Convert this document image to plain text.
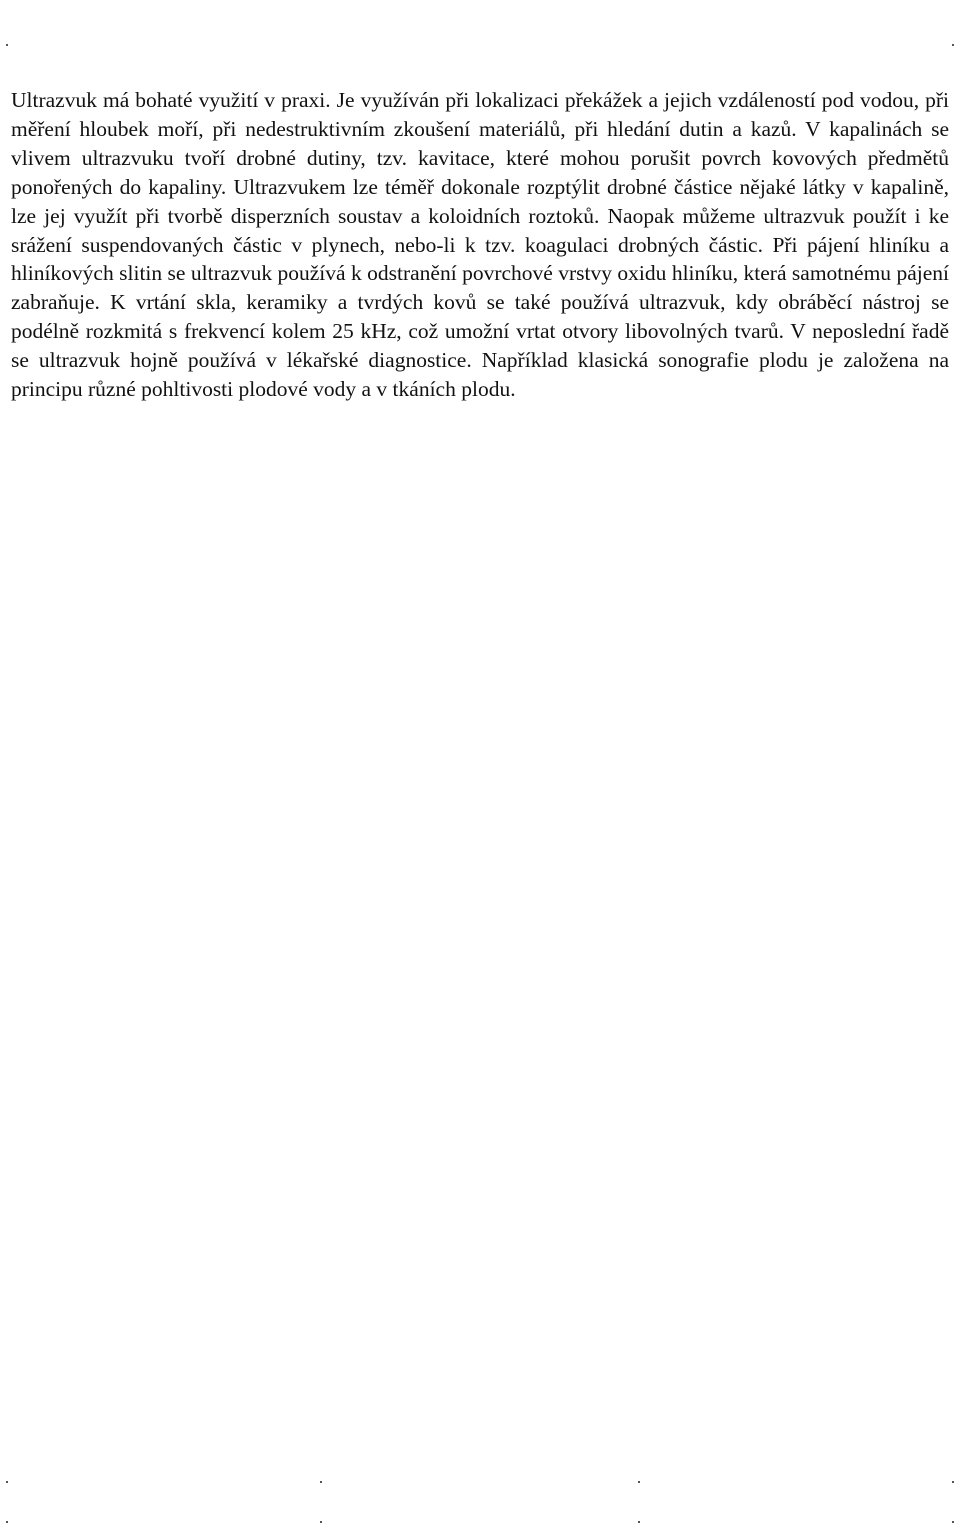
Ultrazvuk má bohaté využití v praxi. Je využíván při lokalizaci překážek a jejich vzdáleností pod vodou, při měření hloubek moří, při nedestruktivním zkoušení materiálů, při hledání dutin a kazů. V kapalinách se vlivem ultrazvuku tvoří drobné dutiny, tzv. kavitace, které mohou porušit povrch kovových předmětů ponořených do kapaliny. Ultrazvukem lze téměř dokonale rozptýlit drobné částice nějaké látky v kapalině, lze jej využít při tvorbě disperzních soustav a koloidních roztoků. Naopak můžeme ultrazvuk použít i ke srážení suspendovaných částic v plynech, nebo-li k tzv. koagulaci drobných částic. Při pájení hliníku a hliníkových slitin se ultrazvuk používá k odstranění povrchové vrstvy oxidu hliníku, která samotnému pájení zabraňuje. K vrtání skla, keramiky a tvrdých kovů se také používá ultrazvuk, kdy obráběcí nástroj se podélně rozkmitá s frekvencí kolem 25 kHz, což umožní vrtat otvory libovolných tvarů. V neposlední řadě se ultrazvuk hojně používá v lékařské diagnostice. Například klasická sonografie plodu je založena na principu různé pohltivosti plodové vody a v tkáních plodu.
